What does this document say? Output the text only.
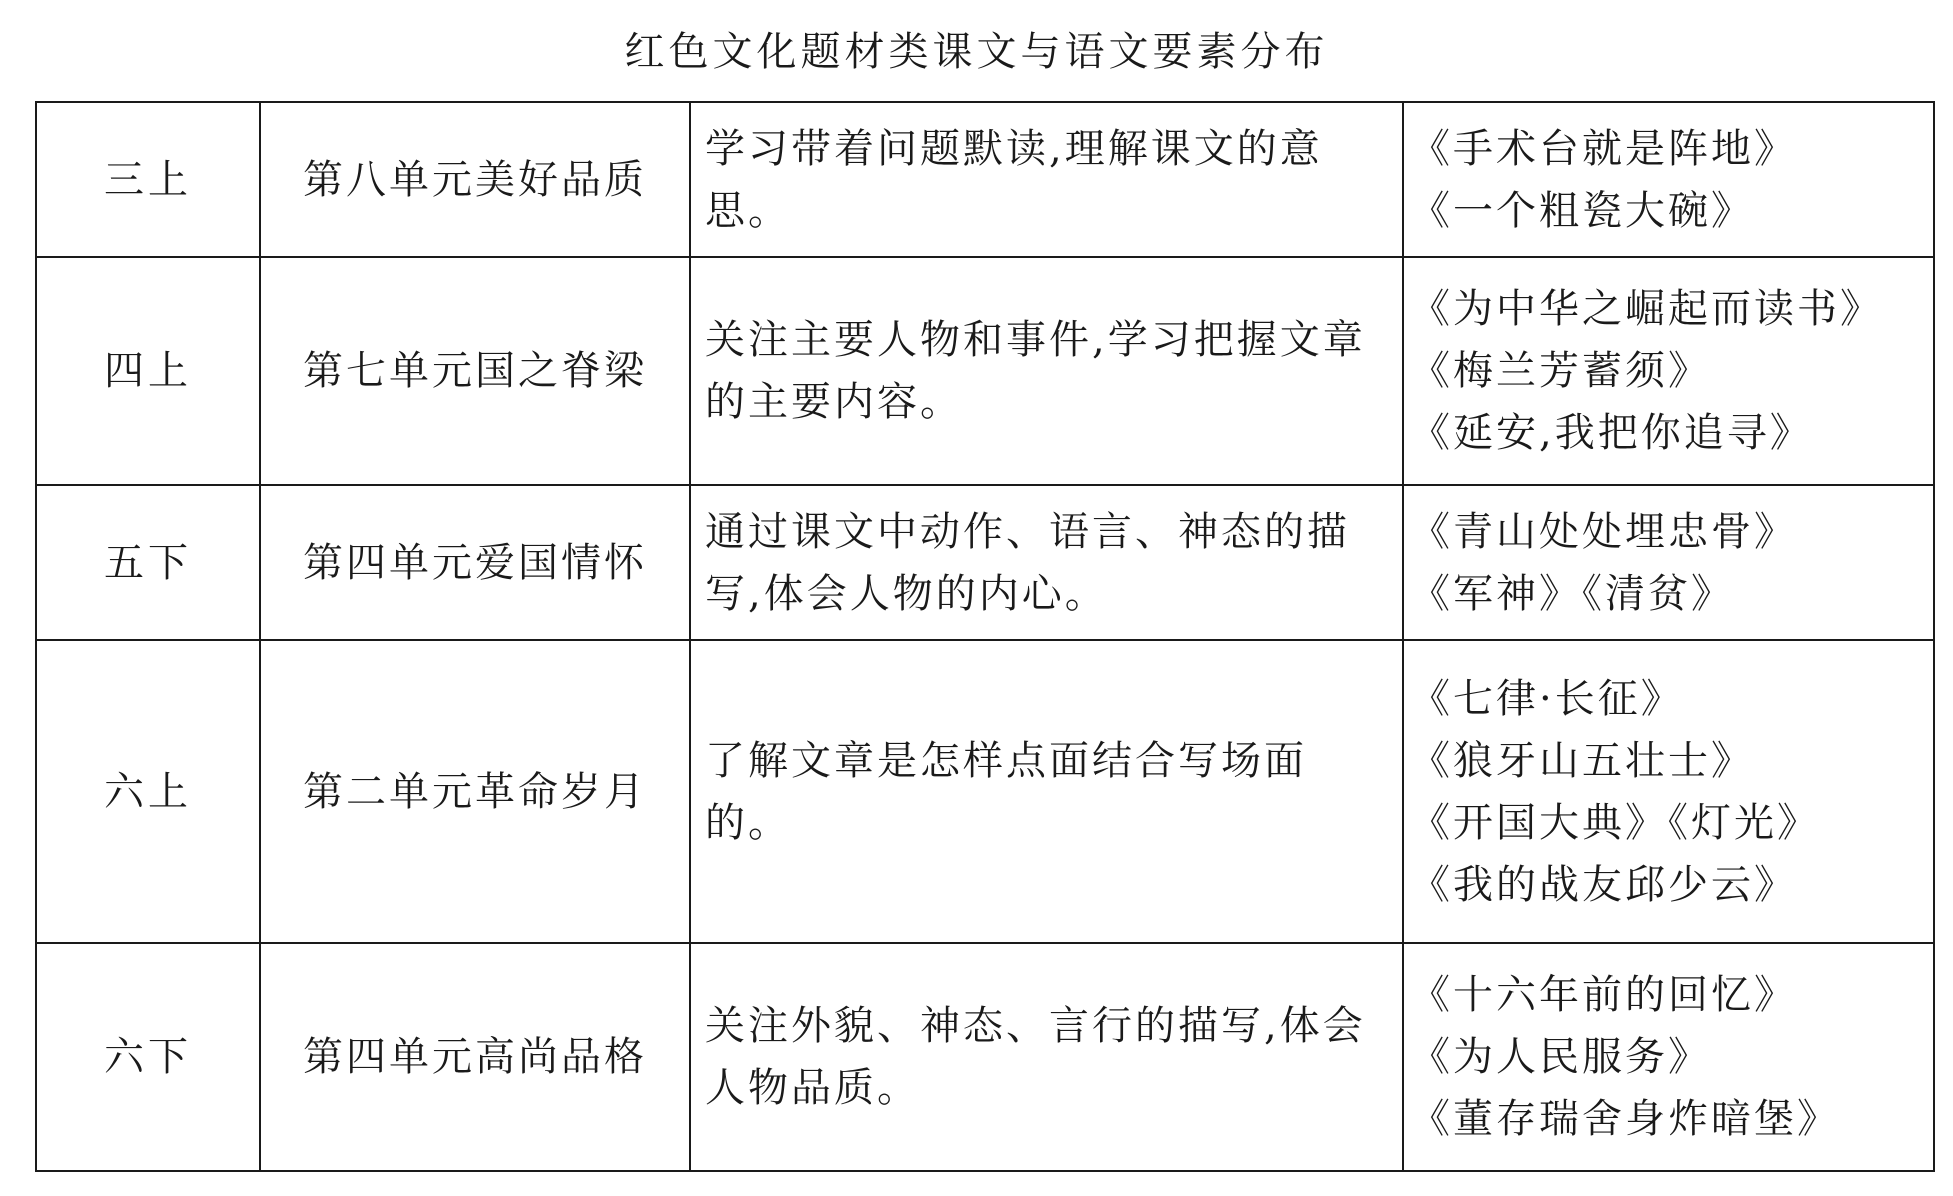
红色文化题材类课文与语文要素分布
三上	第八单元美好品质	学习带着问题默读,理解课文的意思。	《手术台就是阵地》
《一个粗瓷大碗》

四上	第七单元国之脊梁	关注主要人物和事件,学习把握文章的主要内容。	《为中华之崛起而读书》
《梅兰芳蓄须》
《延安,我把你追寻》

五下	第四单元爱国情怀	通过课文中动作、语言、神态的描写,体会人物的内心。	《青山处处埋忠骨》
《军神》《清贫》

六上	第二单元革命岁月	了解文章是怎样点面结合写场面的。	《七律·长征》
《狼牙山五壮士》
《开国大典》《灯光》
《我的战友邱少云》

六下	第四单元高尚品格	关注外貌、神态、言行的描写,体会人物品质。	《十六年前的回忆》
《为人民服务》
《董存瑞舍身炸暗堡》
